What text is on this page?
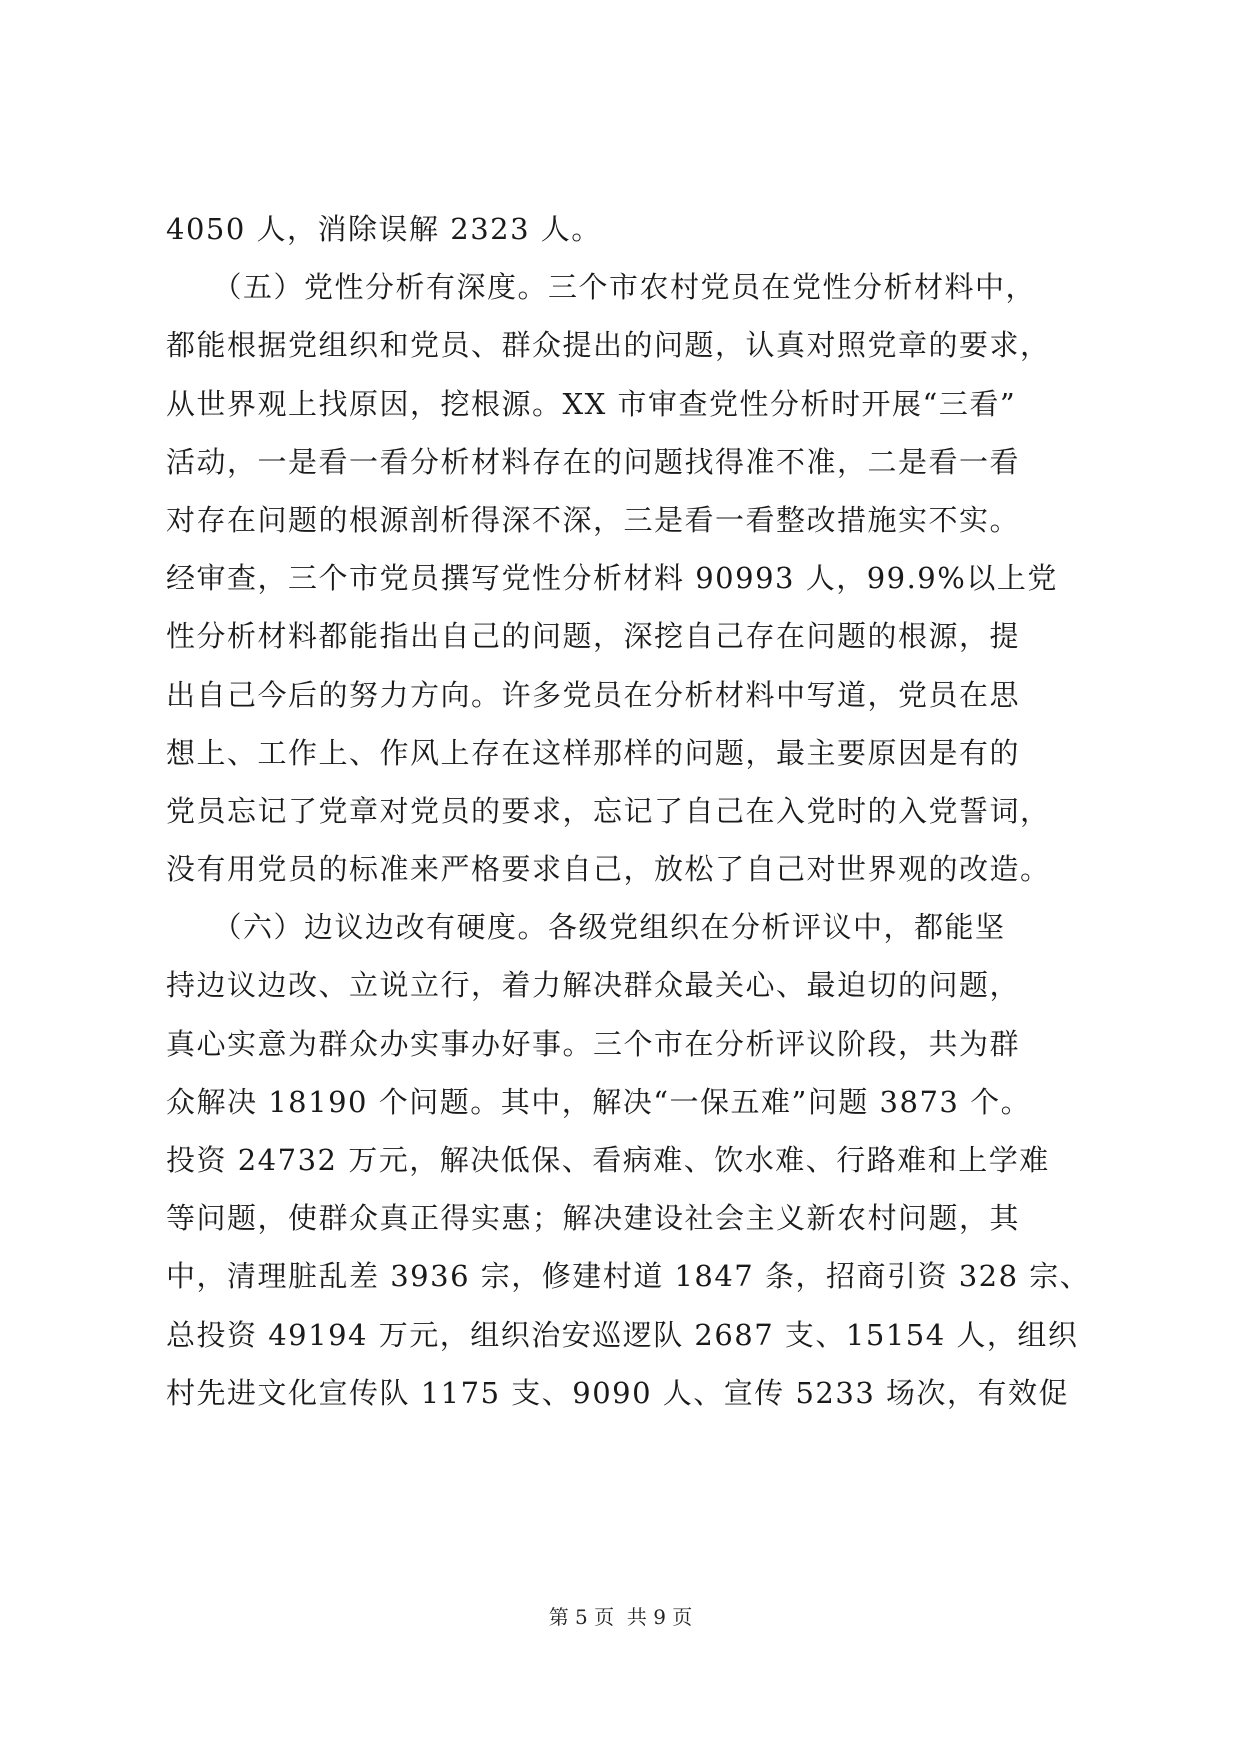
4050 人，消除误解 2323 人。
　　（五）党性分析有深度。三个市农村党员在党性分析材料中，
都能根据党组织和党员、群众提出的问题，认真对照党章的要求，
从世界观上找原因，挖根源。XX 市审查党性分析时开展“三看”
活动，一是看一看分析材料存在的问题找得准不准，二是看一看
对存在问题的根源剖析得深不深，三是看一看整改措施实不实。
经审查，三个市党员撰写党性分析材料 90993 人，99.9%以上党
性分析材料都能指出自己的问题，深挖自己存在问题的根源，提
出自己今后的努力方向。许多党员在分析材料中写道，党员在思
想上、工作上、作风上存在这样那样的问题，最主要原因是有的
党员忘记了党章对党员的要求，忘记了自己在入党时的入党誓词，
没有用党员的标准来严格要求自己，放松了自己对世界观的改造。
　　（六）边议边改有硬度。各级党组织在分析评议中，都能坚
持边议边改、立说立行，着力解决群众最关心、最迫切的问题，
真心实意为群众办实事办好事。三个市在分析评议阶段，共为群
众解决 18190 个问题。其中，解决“一保五难”问题 3873 个。
投资 24732 万元，解决低保、看病难、饮水难、行路难和上学难
等问题，使群众真正得实惠；解决建设社会主义新农村问题，其
中，清理脏乱差 3936 宗，修建村道 1847 条，招商引资 328 宗、
总投资 49194 万元，组织治安巡逻队 2687 支、15154 人，组织
村先进文化宣传队 1175 支、9090 人、宣传 5233 场次，有效促
第 5 页  共 9 页
